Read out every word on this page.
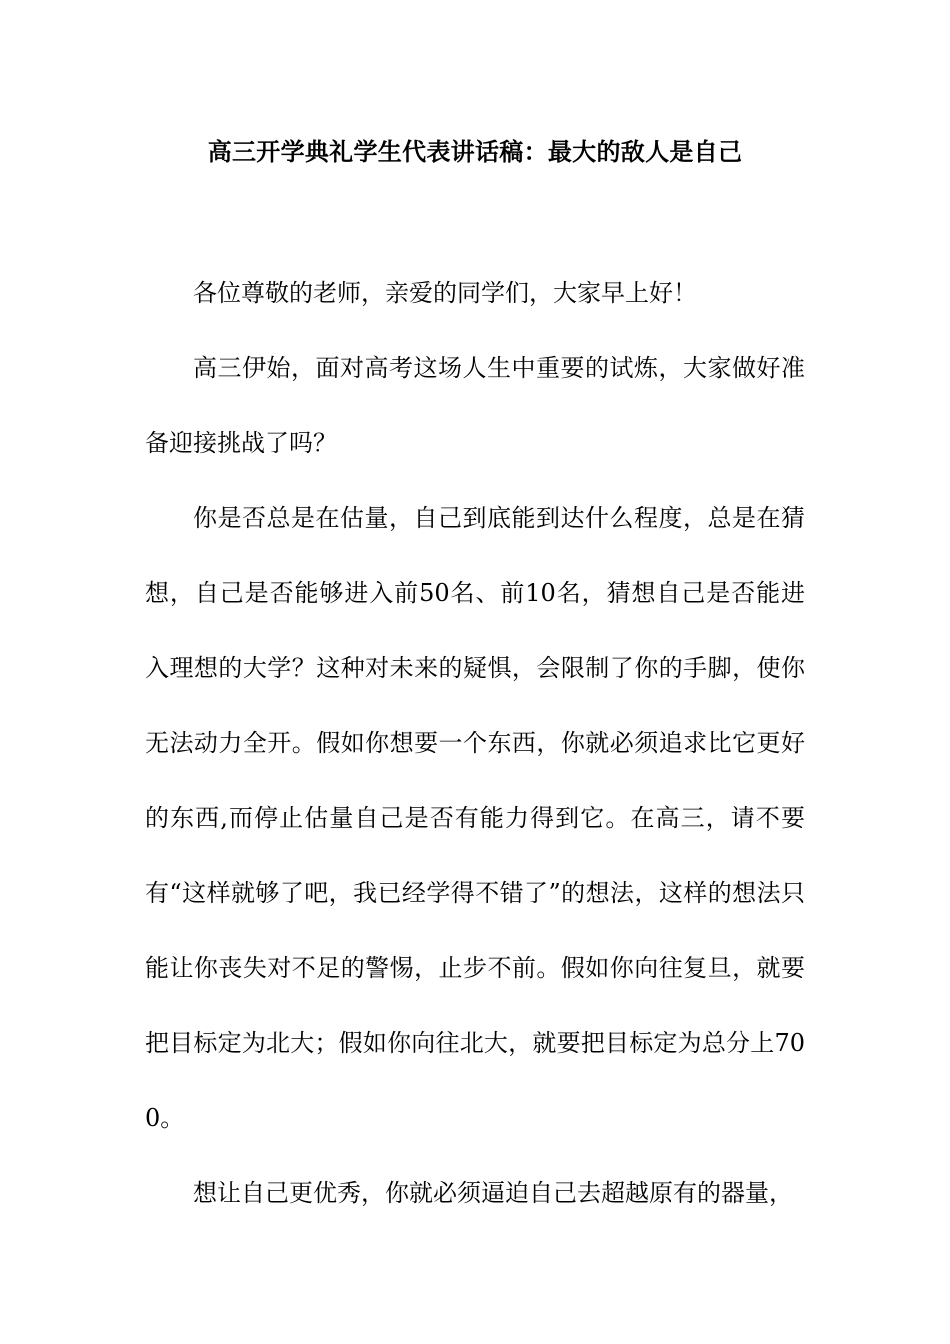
高三开学典礼学生代表讲话稿：最大的敌人是自己

各位尊敬的老师，亲爱的同学们，大家早上好！

高三伊始，面对高考这场人生中重要的试炼，大家做好准备迎接挑战了吗？

你是否总是在估量，自己到底能到达什么程度，总是在猜想，自己是否能够进入前50名、前10名，猜想自己是否能进入理想的大学？这种对未来的疑惧，会限制了你的手脚，使你无法动力全开。假如你想要一个东西，你就必须追求比它更好的东西,而停止估量自己是否有能力得到它。在高三，请不要有“这样就够了吧，我已经学得不错了”的想法，这样的想法只能让你丧失对不足的警惕，止步不前。假如你向往复旦，就要把目标定为北大；假如你向往北大，就要把目标定为总分上700。

想让自己更优秀，你就必须逼迫自己去超越原有的器量，
